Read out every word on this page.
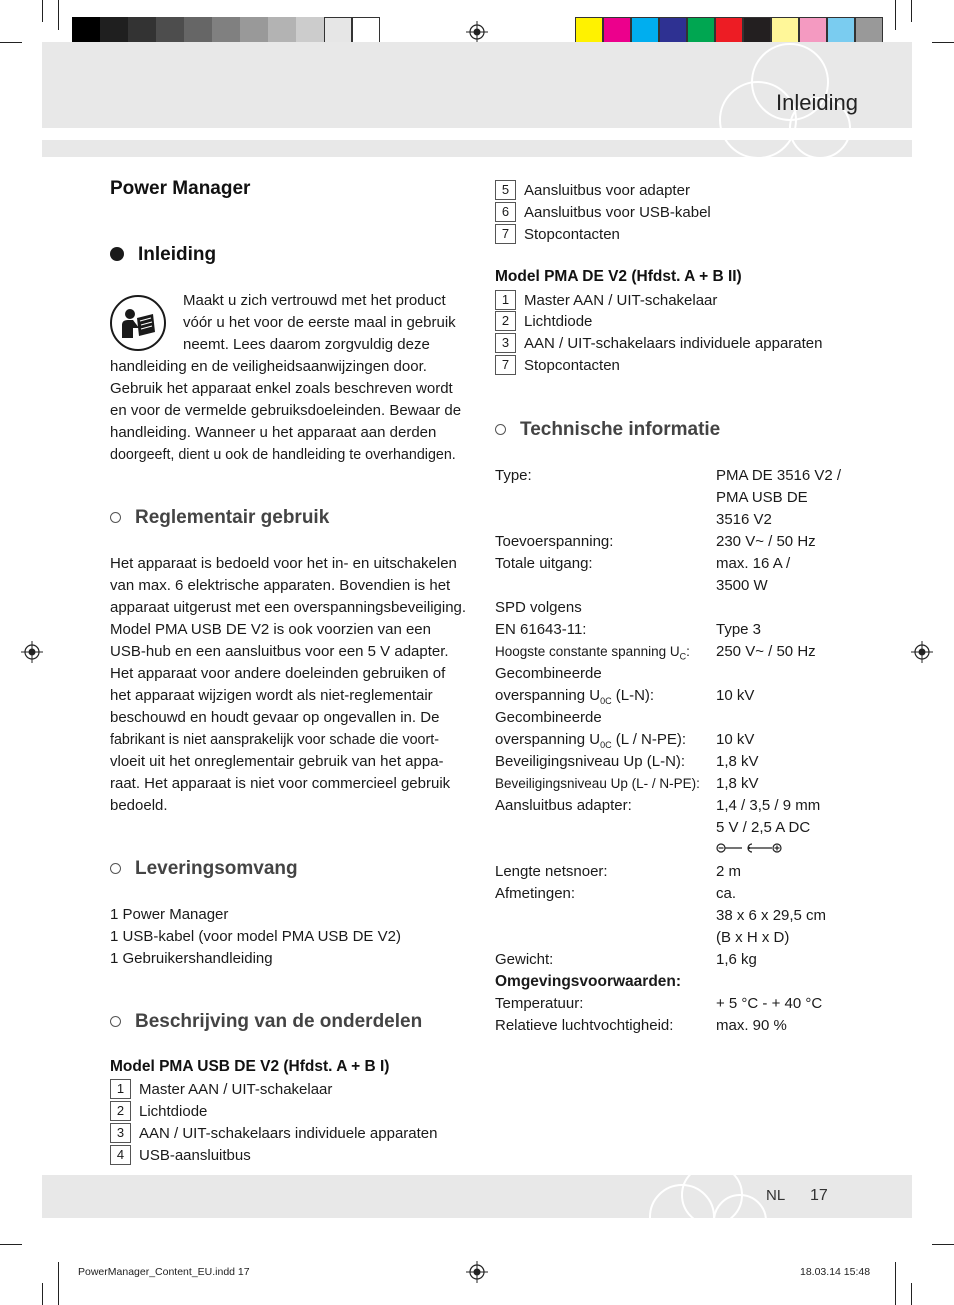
Inleiding
NL 17
PowerManager_Content_EU.indd 17	18.03.14 15:48
Power Manager
Inleiding
Maakt u zich vertrouwd met het product
vóór u het voor de eerste maal in gebruik
neemt. Lees daarom zorgvuldig deze
handleiding en de veiligheidsaanwijzingen door.
Gebruik het apparaat enkel zoals beschreven wordt
en voor de vermelde gebruiksdoeleinden. Bewaar de
handleiding. Wanneer u het apparaat aan derden
doorgeeft, dient u ook de handleiding te overhandigen.
Reglementair gebruik
Het apparaat is bedoeld voor het in- en uitschakelen
van max. 6 elektrische apparaten. Bovendien is het
apparaat uitgerust met een overspanningsbeveiliging.
Model PMA USB DE V2 is ook voorzien van een
USB-hub en een aansluitbus voor een 5 V adapter.
Het apparaat voor andere doeleinden gebruiken of
het apparaat wijzigen wordt als niet-reglementair
beschouwd en houdt gevaar op ongevallen in. De
fabrikant is niet aansprakelijk voor schade die voort-
vloeit uit het onreglementair gebruik van het appa-
raat. Het apparaat is niet voor commercieel gebruik
bedoeld.
Leveringsomvang
1 Power Manager
1 USB-kabel (voor model PMA USB DE V2)
1 Gebruikershandleiding
Beschrijving van de onderdelen
Model PMA USB DE V2 (Hfdst. A + B I)
1 Master AAN / UIT-schakelaar
2 Lichtdiode
3 AAN / UIT-schakelaars individuele apparaten
4 USB-aansluitbus
5 Aansluitbus voor adapter
6 Aansluitbus voor USB-kabel
7 Stopcontacten
Model PMA DE V2 (Hfdst. A + B II)
1 Master AAN / UIT-schakelaar
2 Lichtdiode
3 AAN / UIT-schakelaars individuele apparaten
7 Stopcontacten
Technische informatie
Type:	PMA DE 3516 V2 /
PMA USB DE
3516 V2
Toevoerspanning:	230 V~ / 50 Hz
Totale uitgang:	max. 16 A /
3500 W
SPD volgens
EN 61643-11:	Type 3
Hoogste constante spanning $U_C$: 250 V~ / 50 Hz
Gecombineerde
overspanning $U_{0C}$ (L-N):	10 kV
Gecombineerde
overspanning $U_{0C}$ (L / N-PE): 10 kV
Beveiligingsniveau Up (L-N): 1,8 kV
Beveiligingsniveau Up (L- / N-PE): 1,8 kV
Aansluitbus adapter:	1,4 / 3,5 / 9 mm
5 V / 2,5 A DC
Lengte netsnoer:	2 m
Afmetingen:	ca.
38 x 6 x 29,5 cm
(B x H x D)
Gewicht:	1,6 kg
Omgevingsvoorwaarden:
Temperatuur:	+ 5 °C - + 40 °C
Relatieve luchtvochtigheid:	max. 90 %
